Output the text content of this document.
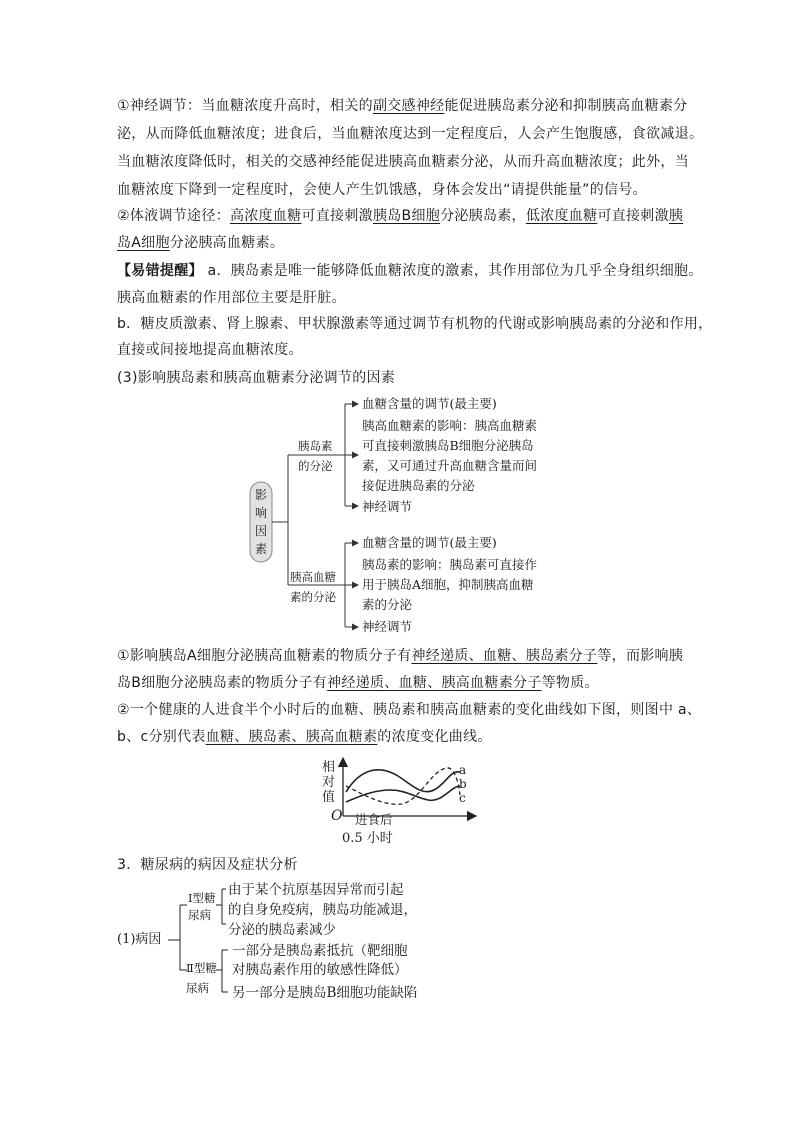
①神经调节：当血糖浓度升高时，相关的副交感神经能促进胰岛素分泌和抑制胰高血糖素分
泌，从而降低血糖浓度；进食后，当血糖浓度达到一定程度后，人会产生饱腹感，食欲减退。
当血糖浓度降低时，相关的交感神经能促进胰高血糖素分泌，从而升高血糖浓度；此外，当
血糖浓度下降到一定程度时，会使人产生饥饿感，身体会发出“请提供能量”的信号。
②体液调节途径：高浓度血糖可直接刺激胰岛B细胞分泌胰岛素，低浓度血糖可直接刺激胰
岛A细胞分泌胰高血糖素。
【易错提醒】 a．胰岛素是唯一能够降低血糖浓度的激素，其作用部位为几乎全身组织细胞。
胰高血糖素的作用部位主要是肝脏。
b．糖皮质激素、肾上腺素、甲状腺激素等通过调节有机物的代谢或影响胰岛素的分泌和作用，
直接或间接地提高血糖浓度。
(3)影响胰岛素和胰高血糖素分泌调节的因素
影
响
因
素
胰岛素
的分泌
血糖含量的调节(最主要)
胰高血糖素的影响：胰高血糖素
可直接刺激胰岛B细胞分泌胰岛
素，又可通过升高血糖含量而间
接促进胰岛素的分泌
神经调节
胰高血糖
素的分泌
血糖含量的调节(最主要)
胰岛素的影响：胰岛素可直接作
用于胰岛A细胞，抑制胰高血糖
素的分泌
神经调节
①影响胰岛A细胞分泌胰高血糖素的物质分子有神经递质、血糖、胰岛素分子等，而影响胰
岛B细胞分泌胰岛素的物质分子有神经递质、血糖、胰高血糖素分子等物质。
②一个健康的人进食半个小时后的血糖、胰岛素和胰高血糖素的变化曲线如下图，则图中 a、
b、c分别代表血糖、胰岛素、胰高血糖素的浓度变化曲线。
相对值
O 进食后
0.5 小时
a
b
c
3．糖尿病的病因及症状分析
(1)病因
Ⅰ型糖
尿病
由于某个抗原基因异常而引起
的自身免疫病，胰岛功能减退，
分泌的胰岛素减少
Ⅱ型糖
尿病
一部分是胰岛素抵抗（靶细胞
对胰岛素作用的敏感性降低）
另一部分是胰岛B细胞功能缺陷
